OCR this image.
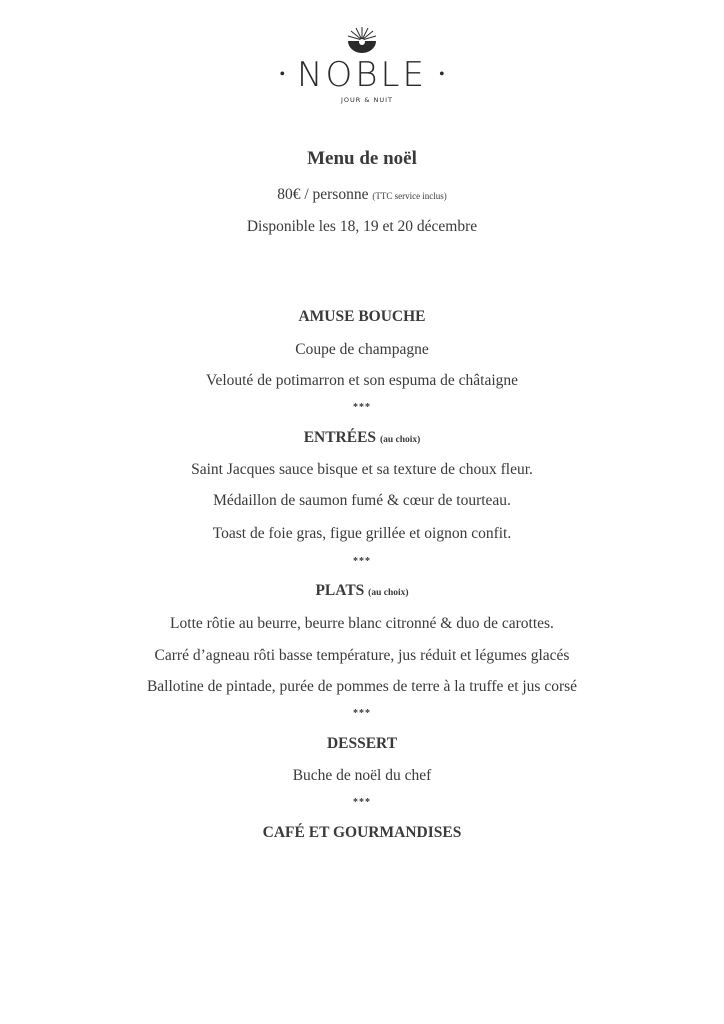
• NOBLE •
JOUR & NUIT
Menu de noël
80€ / personne (TTC service inclus)
Disponible les 18, 19 et 20 décembre
AMUSE BOUCHE
Coupe de champagne
Velouté de potimarron et son espuma de châtaigne
***
ENTRÉES (au choix)
Saint Jacques sauce bisque et sa texture de choux fleur.
Médaillon de saumon fumé & cœur de tourteau.
Toast de foie gras, figue grillée et oignon confit.
***
PLATS (au choix)
Lotte rôtie au beurre, beurre blanc citronné & duo de carottes.
Carré d’agneau rôti basse température, jus réduit et légumes glacés
Ballotine de pintade, purée de pommes de terre à la truffe et jus corsé
***
DESSERT
Buche de noël du chef
***
CAFÉ ET GOURMANDISES
